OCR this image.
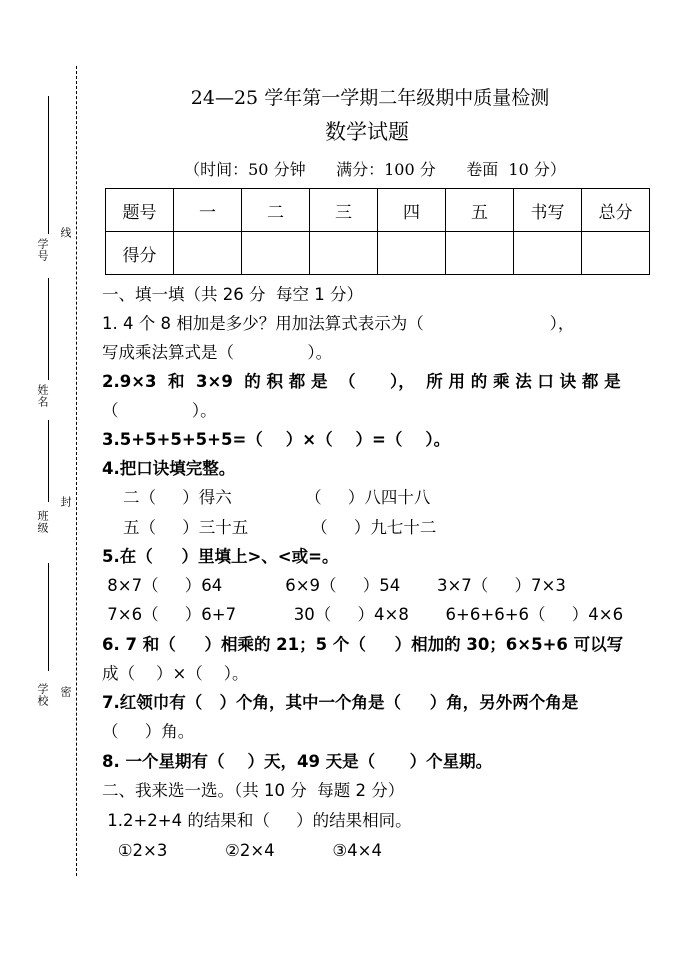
学号
线
姓名
班级
封
学校 密
24—25 学年第一学期二年级期中质量检测
数学试题
（时间：50 分钟      满分：100 分      卷面  10 分）
题号	一	二	三	四	五	书写	总分
得分							
一、填一填（共 26 分  每空 1 分）
1. 4 个 8 相加是多少？用加法算式表示为（                        ），
写成乘法算式是（              ）。
2.9×3  和  3×9  的 积 都 是  （      ），  所 用 的 乘 法 口 诀 都 是
（              ）。
3.5+5+5+5+5=（    ）×（    ）=（    ）。
4.把口诀填完整。
二（     ）得六              （     ）八四十八
五（     ）三十五            （     ）九七十二
5.在（     ）里填上>、<或=。
8×7（     ）64            6×9（     ）54       3×7（     ）7×3
7×6（     ）6+7           30（     ）4×8       6+6+6+6（     ）4×6
6. 7 和（     ）相乘的 21；5 个（     ）相加的 30；6×5+6 可以写
成（    ）×（    ）。
7.红领巾有（   ）个角，其中一个角是（     ）角，另外两个角是
（     ）角。
8. 一个星期有（    ）天，49 天是（      ）个星期。
二、我来选一选。（共 10 分  每题 2 分）
1.2+2+4 的结果和（     ）的结果相同。
①2×3           ②2×4           ③4×4
